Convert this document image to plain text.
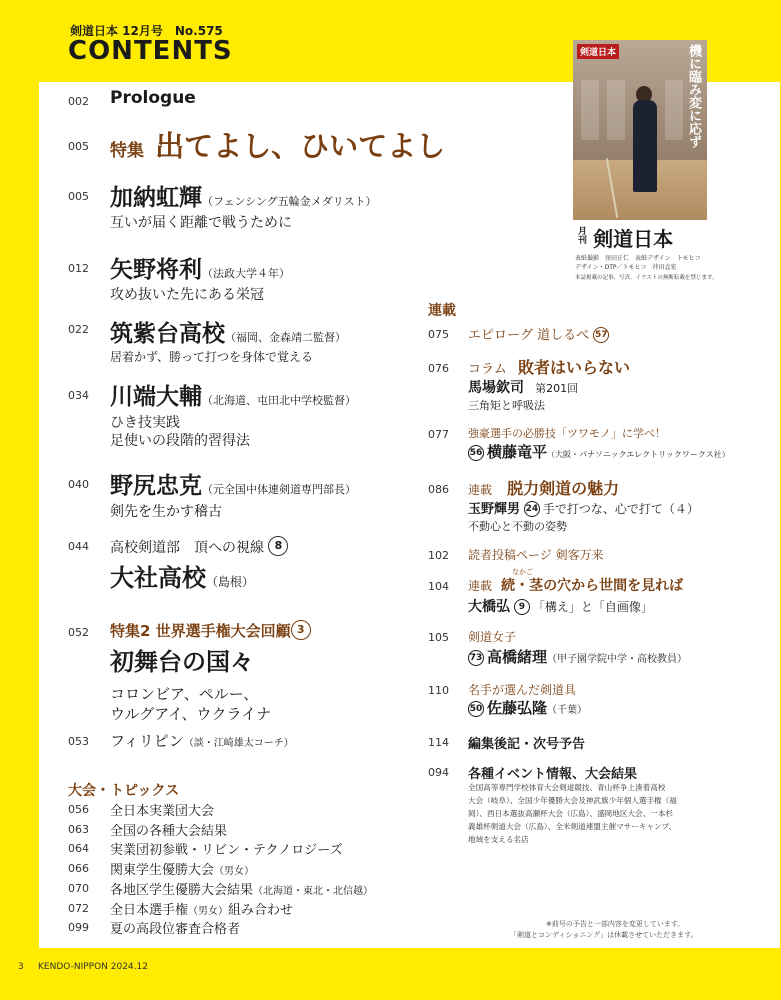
剣道日本 12月号　No.575
CONTENTS	剣道日本	機に臨み変に応ず
月刊 剣道日本
表紙撮影　窪田正仁　表紙デザイン　トモヒコ
デザイン・DTP／トモヒコ　沖田直宏
本誌掲載の記事、写真、イラストの無断転載を禁じます。
002 Prologue
005 特集 出てよし、ひいてよし
005 加納虹輝（フェンシング五輪金メダリスト）
互いが届く距離で戦うために
012 矢野将利（法政大学４年）
攻め抜いた先にある栄冠
022 筑紫台高校（福岡、金森靖二監督）
居着かず、勝って打つを身体で覚える
034 川端大輔（北海道、屯田北中学校監督）
ひき技実践
足使いの段階的習得法
040 野尻忠克（元全国中体連剣道専門部長）
剣先を生かす稽古
044 高校剣道部　頂への視線 8
大社高校（島根）
052 特集2 世界選手権大会回顧 3
初舞台の国々
コロンビア、ペルー、
ウルグアイ、ウクライナ
053 フィリピン（談・江崎雄太コーチ）
大会・トピックス
056 全日本実業団大会
063 全国の各種大会結果
064 実業団初参戦・リビン・テクノロジーズ
066 関東学生優勝大会（男女）
070 各地区学生優勝大会結果（北海道・東北・北信越）
072 全日本選手権（男女）組み合わせ
099 夏の高段位審査合格者
連載
075 エピローグ 道しるべ 57
076 コラム 敗者はいらない
馬場欽司 第201回
三角矩と呼吸法
077 強豪選手の必勝技「ツワモノ」に学べ！
56 横藤竜平（大阪・パナソニックエレクトリックワークス社）
086 連載 脱力剣道の魅力
玉野輝男 24 手で打つな、心で打て（４）
不動心と不動の姿勢
102 読者投稿ページ 剣客万来
104
なかご
連載 続・茎の穴から世間を見れば
大橋弘 9 「構え」と「自画像」
105 剣道女子
73 高橋緒理（甲子園学院中学・高校教員）
110 名手が選んだ剣道具
50 佐藤弘隆（千葉）
114 編集後記・次号予告
094 各種イベント情報、大会結果
全国高等専門学校体育大会剣道競技、青山杯争上湊着高校
大会（岐阜）、全国少年優勝大会及神武旗少年個人選手権（福
岡）、西日本選抜高瀬杯大会（広島）、盛岡地区大会、一本杉
義雄杯剣道大会（広島）、全米剣道連盟主催マサーキャンプ、
地域を支える名店
※前号の予告と一部内容を変更しています。
「剣道とコンディショニング」は休載させていただきます。
3 KENDO-NIPPON 2024.12
